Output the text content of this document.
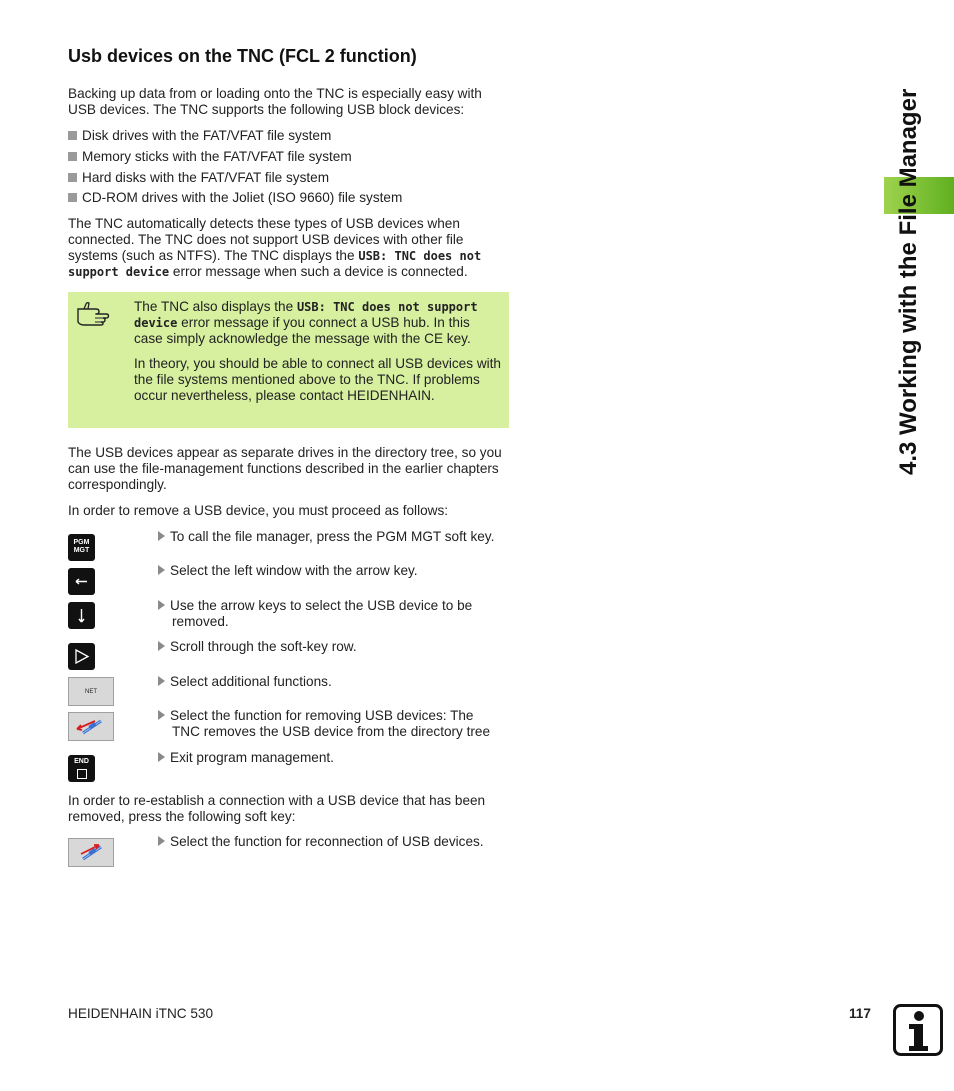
4.3 Working with the File Manager
Usb devices on the TNC (FCL 2 function)

Backing up data from or loading onto the TNC is especially easy with USB devices. The TNC supports the following USB block devices:

Disk drives with the FAT/VFAT file system

Memory sticks with the FAT/VFAT file system

Hard disks with the FAT/VFAT file system

CD-ROM drives with the Joliet (ISO 9660) file system

The TNC automatically detects these types of USB devices when connected. The TNC does not support USB devices with other file systems (such as NTFS). The TNC displays the USB: TNC does not support device error message when such a device is connected.

The TNC also displays the USB: TNC does not support device error message if you connect a USB hub. In this case simply acknowledge the message with the CE key.

In theory, you should be able to connect all USB devices with the file systems mentioned above to the TNC. If problems occur nevertheless, please contact HEIDENHAIN.

The USB devices appear as separate drives in the directory tree, so you can use the file-management functions described in the earlier chapters correspondingly.

In order to remove a USB device, you must proceed as follows:

PGM
MGT
NET
END
To call the file manager, press the PGM MGT soft key.
Select the left window with the arrow key.
Use the arrow keys to select the USB device to be
removed.
Scroll through the soft-key row.
Select additional functions.
Select the function for removing USB devices: The
TNC removes the USB device from the directory tree
Exit program management.

In order to re-establish a connection with a USB device that has been removed, press the following soft key:

Select the function for reconnection of USB devices.
HEIDENHAIN iTNC 530	117
